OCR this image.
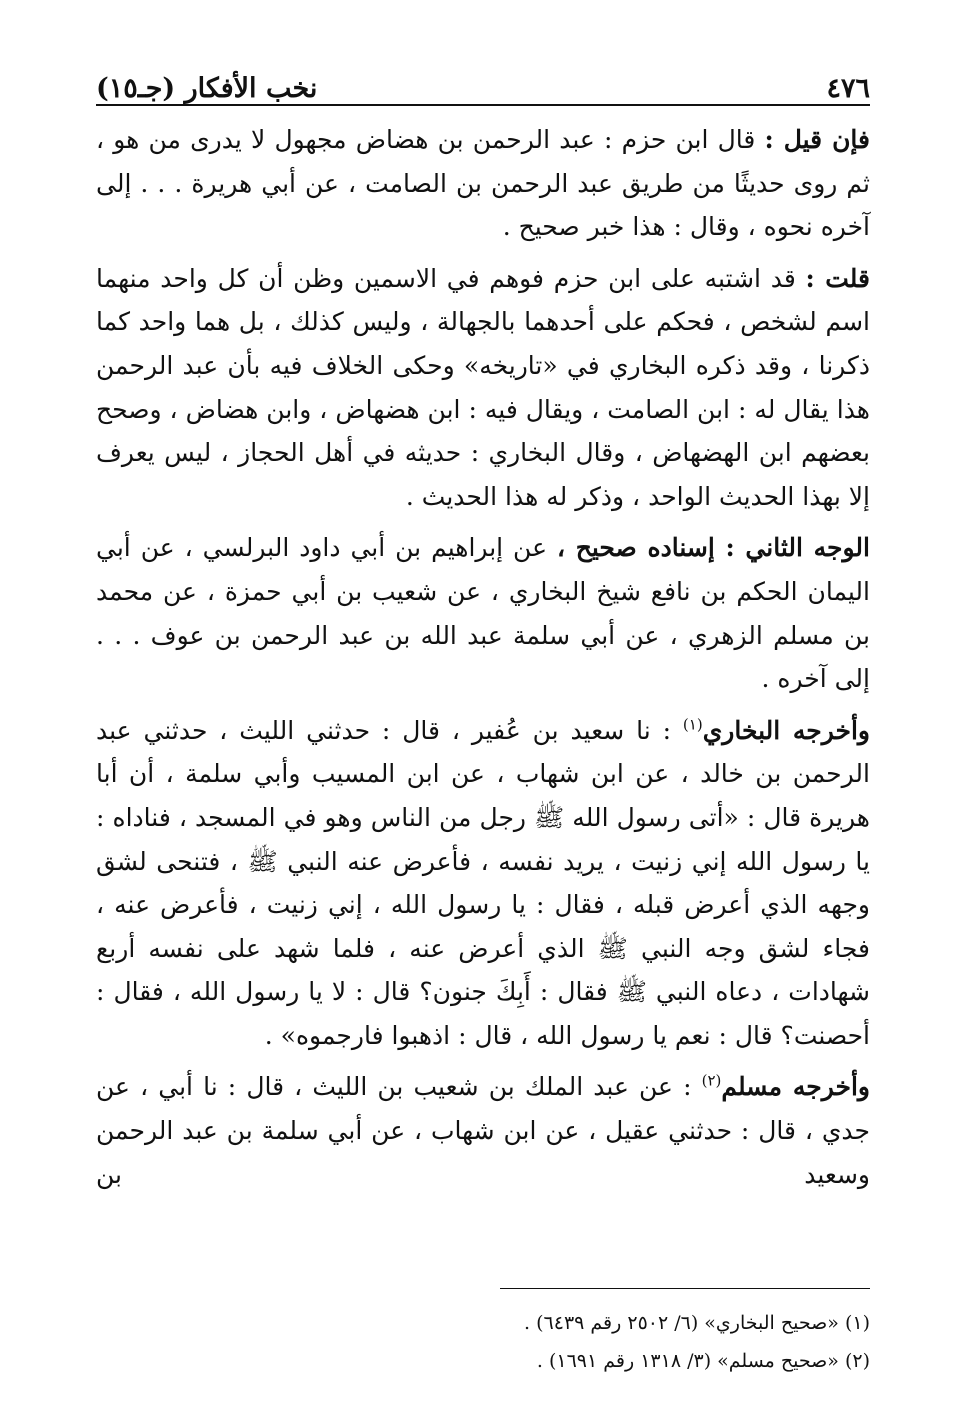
٤٧٦
نخب الأفكار (جـ١٥)

فإن قيل : قال ابن حزم : عبد الرحمن بن هضاض مجهول لا يدرى من هو ، ثم روى حديثًا من طريق عبد الرحمن بن الصامت ، عن أبي هريرة . . . إلى آخره نحوه ، وقال : هذا خبر صحيح .

قلت : قد اشتبه على ابن حزم فوهم في الاسمين وظن أن كل واحد منهما اسم لشخص ، فحكم على أحدهما بالجهالة ، وليس كذلك ، بل هما واحد كما ذكرنا ، وقد ذكره البخاري في «تاريخه» وحكى الخلاف فيه بأن عبد الرحمن هذا يقال له : ابن الصامت ، ويقال فيه : ابن هضهاض ، وابن هضاض ، وصحح بعضهم ابن الهضهاض ، وقال البخاري : حديثه في أهل الحجاز ، ليس يعرف إلا بهذا الحديث الواحد ، وذكر له هذا الحديث .

الوجه الثاني : إسناده صحيح ، عن إبراهيم بن أبي داود البرلسي ، عن أبي اليمان الحكم بن نافع شيخ البخاري ، عن شعيب بن أبي حمزة ، عن محمد بن مسلم الزهري ، عن أبي سلمة عبد الله بن عبد الرحمن بن عوف . . . إلى آخره .

وأخرجه البخاري$^{(١)}$ : نا سعيد بن عُفير ، قال : حدثني الليث ، حدثني عبد الرحمن بن خالد ، عن ابن شهاب ، عن ابن المسيب وأبي سلمة ، أن أبا هريرة قال : «أتى رسول الله ﷺ رجل من الناس وهو في المسجد ، فناداه : يا رسول الله إني زنيت ، يريد نفسه ، فأعرض عنه النبي ﷺ ، فتنحى لشق وجهه الذي أعرض قبله ، فقال : يا رسول الله ، إني زنيت ، فأعرض عنه ، فجاء لشق وجه النبي ﷺ الذي أعرض عنه ، فلما شهد على نفسه أربع شهادات ، دعاه النبي ﷺ فقال : أَبِكَ جنون؟ قال : لا يا رسول الله ، فقال : أحصنت؟ قال : نعم يا رسول الله ، قال : اذهبوا فارجموه» .

وأخرجه مسلم$^{(٢)}$ : عن عبد الملك بن شعيب بن الليث ، قال : نا أبي ، عن جدي ، قال : حدثني عقيل ، عن ابن شهاب ، عن أبي سلمة بن عبد الرحمن وسعيد بن

(١) «صحيح البخاري» (٦/ ٢٥٠٢ رقم ٦٤٣٩) .
(٢) «صحيح مسلم» (٣/ ١٣١٨ رقم ١٦٩١) .
